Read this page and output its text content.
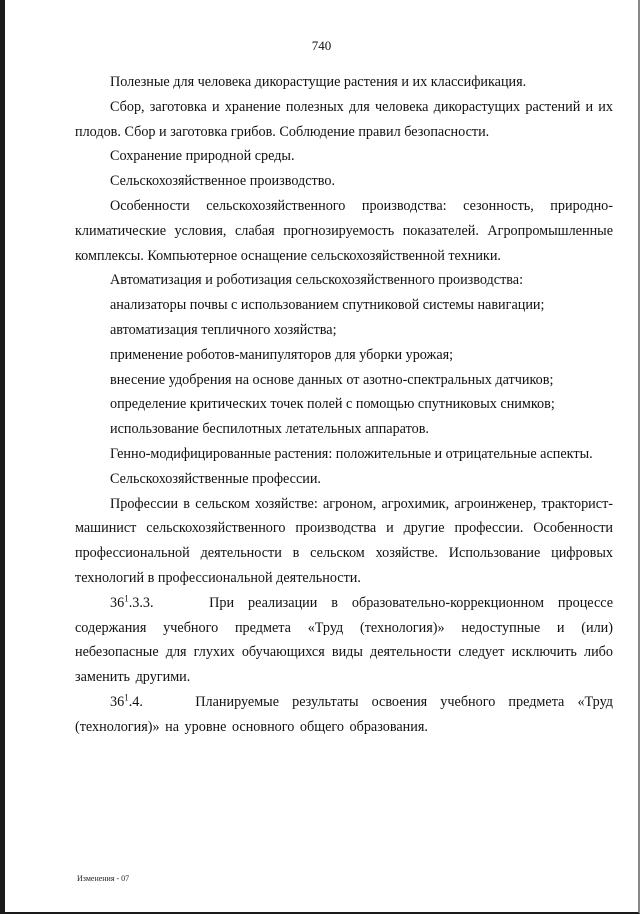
740

Полезные для человека дикорастущие растения и их классификация.

Сбор, заготовка и хранение полезных для человека дикорастущих растений и их плодов. Сбор и заготовка грибов. Соблюдение правил безопасности.

Сохранение природной среды.

Сельскохозяйственное производство.

Особенности сельскохозяйственного производства: сезонность, природно-климатические условия, слабая прогнозируемость показателей. Агропромышленные комплексы. Компьютерное оснащение сельскохозяйственной техники.

Автоматизация и роботизация сельскохозяйственного производства:

анализаторы почвы с использованием спутниковой системы навигации;

автоматизация тепличного хозяйства;

применение роботов-манипуляторов для уборки урожая;

внесение удобрения на основе данных от азотно-спектральных датчиков;

определение критических точек полей с помощью спутниковых снимков;

использование беспилотных летательных аппаратов.

Генно-модифицированные растения: положительные и отрицательные аспекты.

Сельскохозяйственные профессии.

Профессии в сельском хозяйстве: агроном, агрохимик, агроинженер, тракторист-машинист сельскохозяйственного производства и другие профессии. Особенности профессиональной деятельности в сельском хозяйстве. Использование цифровых технологий в профессиональной деятельности.

$36^1.3.3$.	При реализации в образовательно-коррекционном процессе содержания учебного предмета «Труд (технология)» недоступные и (или) небезопасные для глухих обучающихся виды деятельности следует исключить либо заменить другими.

$36^1.4$.	Планируемые результаты освоения учебного предмета «Труд (технология)» на уровне основного общего образования.

Изменения - 07
